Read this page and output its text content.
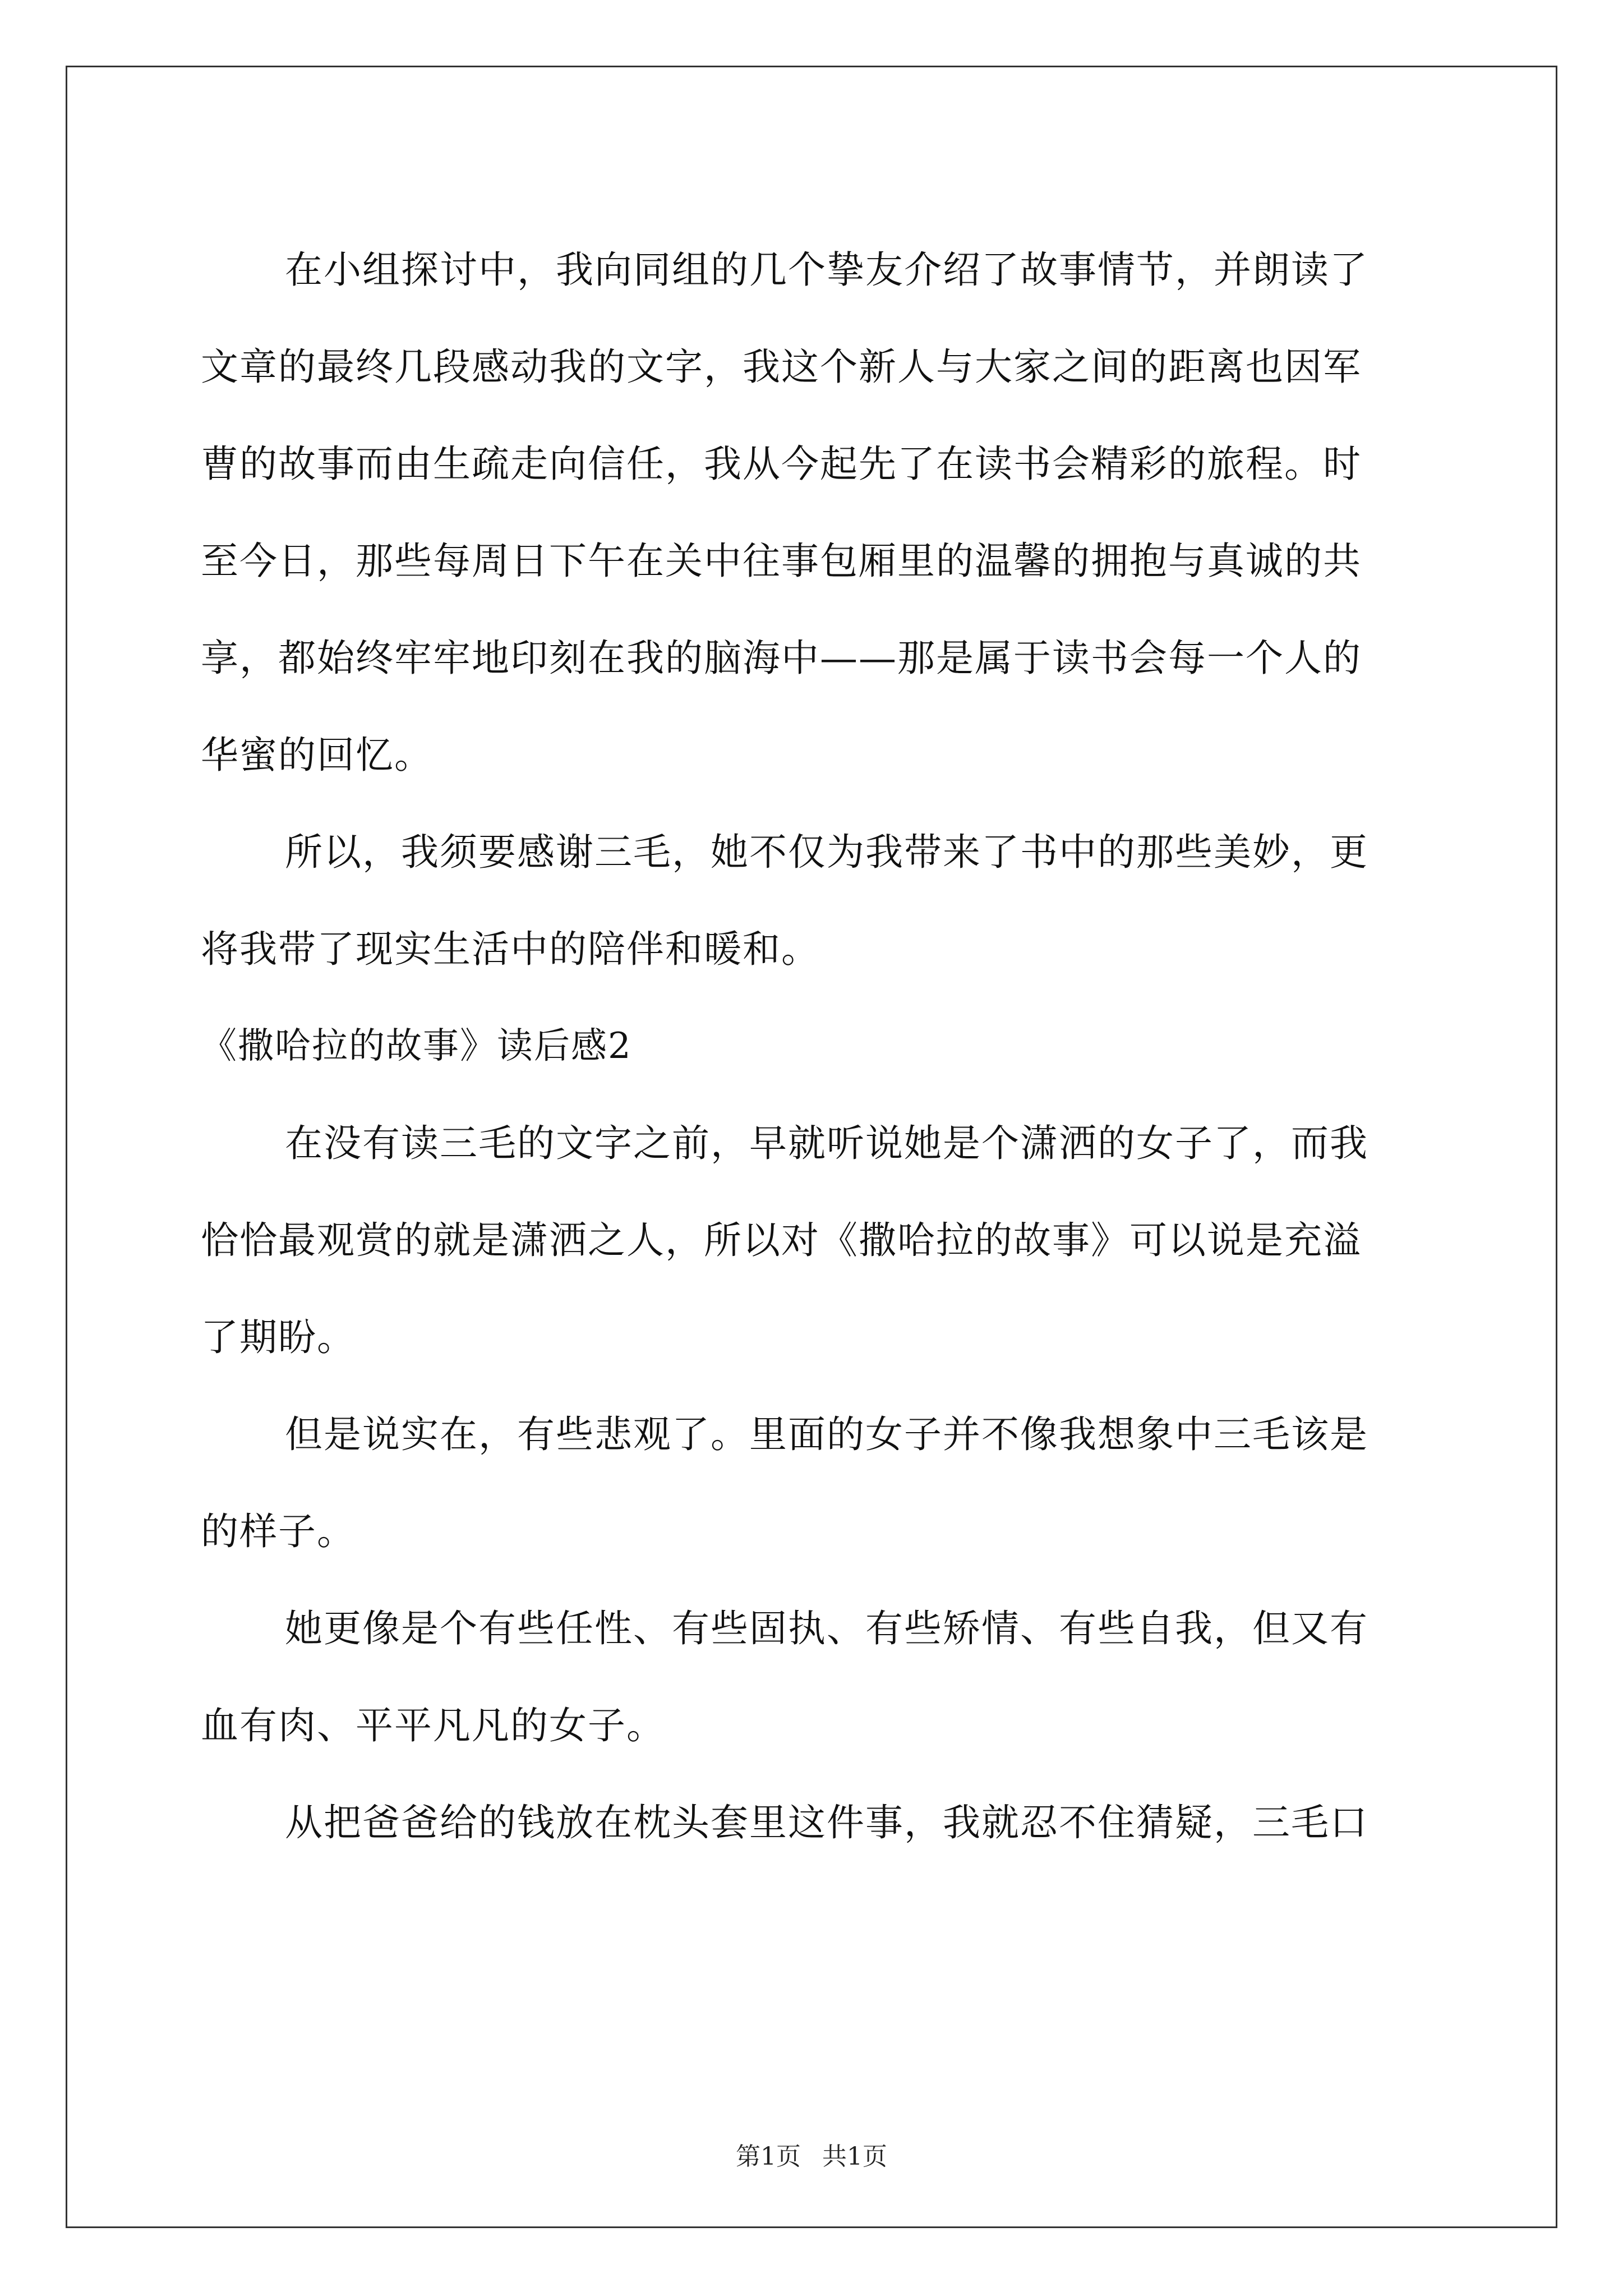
在小组探讨中，我向同组的几个挚友介绍了故事情节，并朗读了
文章的最终几段感动我的文字，我这个新人与大家之间的距离也因军
曹的故事而由生疏走向信任，我从今起先了在读书会精彩的旅程。时
至今日，那些每周日下午在关中往事包厢里的温馨的拥抱与真诚的共
享，都始终牢牢地印刻在我的脑海中——那是属于读书会每一个人的
华蜜的回忆。
所以，我须要感谢三毛，她不仅为我带来了书中的那些美妙，更
将我带了现实生活中的陪伴和暖和。
《撒哈拉的故事》读后感2
在没有读三毛的文字之前，早就听说她是个潇洒的女子了，而我
恰恰最观赏的就是潇洒之人，所以对《撒哈拉的故事》可以说是充溢
了期盼。
但是说实在，有些悲观了。里面的女子并不像我想象中三毛该是
的样子。
她更像是个有些任性、有些固执、有些矫情、有些自我，但又有
血有肉、平平凡凡的女子。
从把爸爸给的钱放在枕头套里这件事，我就忍不住猜疑，三毛口
第1页 共1页
